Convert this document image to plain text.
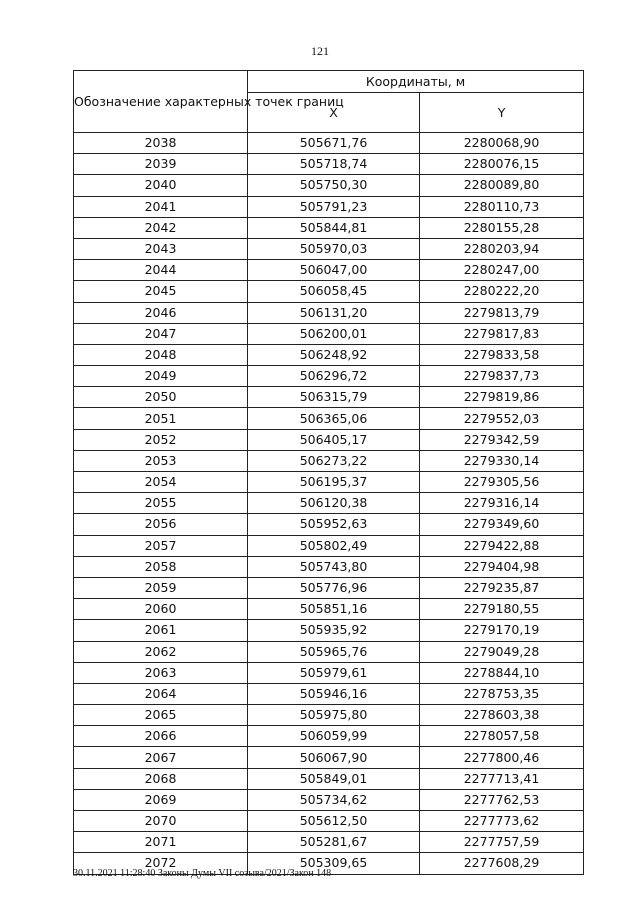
121
Обозначение характерных точек границ	Координаты, м	
	X	Y
2038	505671,76	2280068,90
2039	505718,74	2280076,15
2040	505750,30	2280089,80
2041	505791,23	2280110,73
2042	505844,81	2280155,28
2043	505970,03	2280203,94
2044	506047,00	2280247,00
2045	506058,45	2280222,20
2046	506131,20	2279813,79
2047	506200,01	2279817,83
2048	506248,92	2279833,58
2049	506296,72	2279837,73
2050	506315,79	2279819,86
2051	506365,06	2279552,03
2052	506405,17	2279342,59
2053	506273,22	2279330,14
2054	506195,37	2279305,56
2055	506120,38	2279316,14
2056	505952,63	2279349,60
2057	505802,49	2279422,88
2058	505743,80	2279404,98
2059	505776,96	2279235,87
2060	505851,16	2279180,55
2061	505935,92	2279170,19
2062	505965,76	2279049,28
2063	505979,61	2278844,10
2064	505946,16	2278753,35
2065	505975,80	2278603,38
2066	506059,99	2278057,58
2067	506067,90	2277800,46
2068	505849,01	2277713,41
2069	505734,62	2277762,53
2070	505612,50	2277773,62
2071	505281,67	2277757,59
2072	505309,65	2277608,29
30.11.2021 11:28:40 Законы Думы VII созыва/2021/Закон 148
